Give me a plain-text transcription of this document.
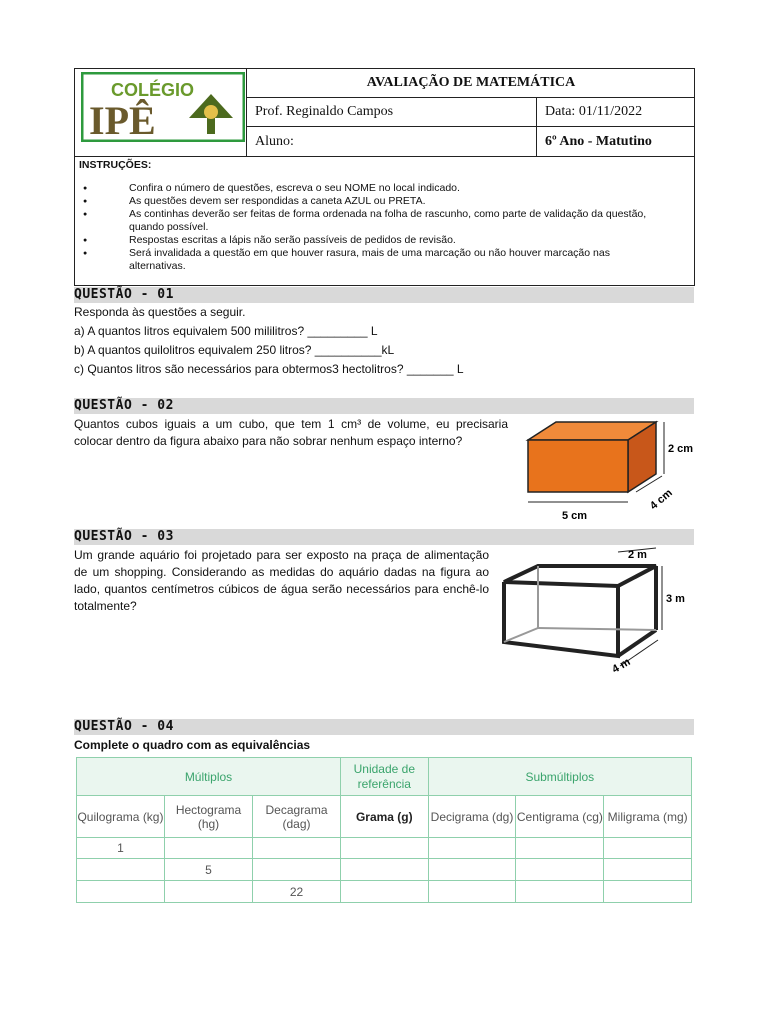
COLÉGIO
IPÊ
AVALIAÇÃO DE MATEMÁTICA
Prof. Reginaldo Campos	Data: 01/11/2022
Aluno:	6º Ano - Matutino
INSTRUÇÕES:
● Confira o número de questões, escreva o seu NOME no local indicado.
● As questões devem ser respondidas a caneta AZUL ou PRETA.
● As continhas deverão ser feitas de forma ordenada na folha de rascunho, como parte de validação da questão, quando possível.
● Respostas escritas a lápis não serão passíveis de pedidos de revisão.
● Será invalidada a questão em que houver rasura, mais de uma marcação ou não houver marcação nas alternativas.
QUESTÃO - 01
Responda às questões a seguir.
a) A quantos litros equivalem 500 mililitros? _________ L
b) A quantos quilolitros equivalem 250 litros? __________kL
c) Quantos litros são necessários para obtermos3 hectolitros? _______ L
QUESTÃO - 02
Quantos cubos iguais a um cubo, que tem 1 cm³ de volume, eu precisaria colocar dentro da figura abaixo para não sobrar nenhum espaço interno?
2 cm
4 cm
5 cm
QUESTÃO - 03
Um grande aquário foi projetado para ser exposto na praça de alimentação de um shopping. Considerando as medidas do aquário dadas na figura ao lado, quantos centímetros cúbicos de água serão necessários para enchê-lo totalmente?
2 m
3 m
4 m
QUESTÃO - 04
Complete o quadro com as equivalências
Múltiplos			Unidade de referência	Submúltiplos		
Quilograma (kg)	Hectograma (hg)	Decagrama (dag)	Grama (g)	Decigrama (dg)	Centigrama (cg)	Miligrama (mg)
1						
	5					
		22				
